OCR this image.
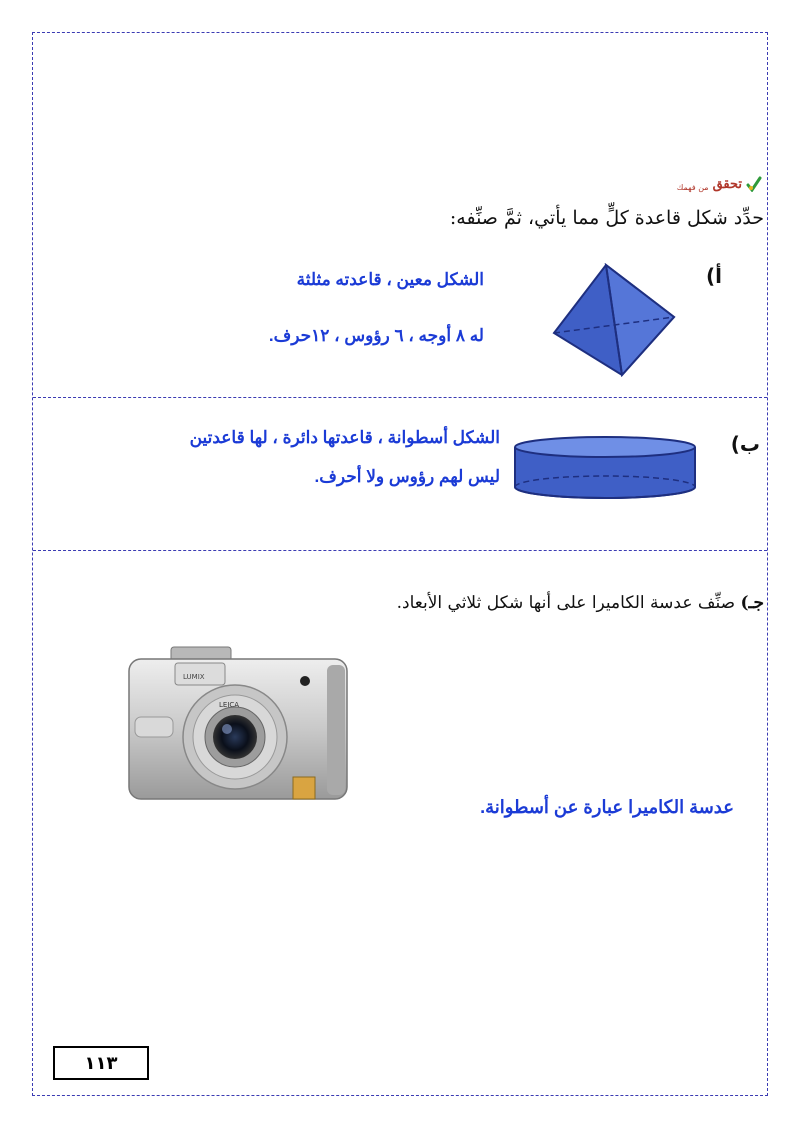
تحقق
من فهمك
حدِّد شكل قاعدة كلٍّ مما يأتي، ثمَّ صنِّفه:
أ)
الشكل معين ، قاعدته مثلثة
له ٨ أوجه ، ٦ رؤوس ، ١٢حرف.
ب)
الشكل أسطوانة ، قاعدتها دائرة ، لها قاعدتين
ليس لهم رؤوس ولا أحرف.
جـ) صنِّف عدسة الكاميرا على أنها شكل ثلاثي الأبعاد.
LEICA
LUMIX
عدسة الكاميرا عبارة عن أسطوانة.
١١٣
